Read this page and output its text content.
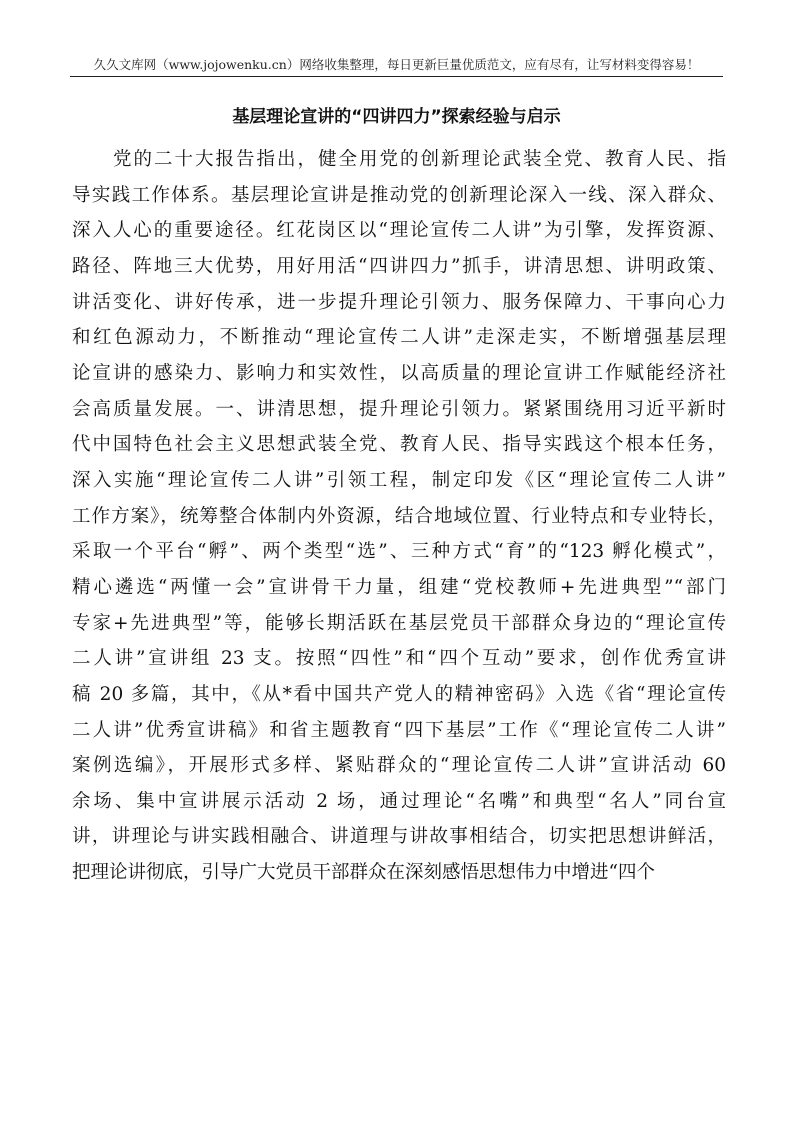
久久文库网（www.jojowenku.cn）网络收集整理，每日更新巨量优质范文，应有尽有，让写材料变得容易！
基层理论宣讲的“四讲四力”探索经验与启示
党的二十大报告指出，健全用党的创新理论武装全党、教育人民、指
导实践工作体系。基层理论宣讲是推动党的创新理论深入一线、深入群众、
深入人心的重要途径。红花岗区以“理论宣传二人讲”为引擎，发挥资源、
路径、阵地三大优势，用好用活“四讲四力”抓手，讲清思想、讲明政策、
讲活变化、讲好传承，进一步提升理论引领力、服务保障力、干事向心力
和红色源动力，不断推动“理论宣传二人讲”走深走实，不断增强基层理
论宣讲的感染力、影响力和实效性，以高质量的理论宣讲工作赋能经济社
会高质量发展。一、讲清思想，提升理论引领力。紧紧围绕用习近平新时
代中国特色社会主义思想武装全党、教育人民、指导实践这个根本任务，
深入实施“理论宣传二人讲”引领工程，制定印发《区“理论宣传二人讲”
工作方案》，统筹整合体制内外资源，结合地域位置、行业特点和专业特长，
采取一个平台“孵”、两个类型“选”、三种方式“育”的“123 孵化模式”，
精心遴选“两懂一会”宣讲骨干力量，组建“党校教师+先进典型”“部门
专家+先进典型”等，能够长期活跃在基层党员干部群众身边的“理论宣传
二人讲”宣讲组 23 支。按照“四性”和“四个互动”要求，创作优秀宣讲
稿 20 多篇，其中，《从*看中国共产党人的精神密码》入选《省“理论宣传
二人讲”优秀宣讲稿》和省主题教育“四下基层”工作《“理论宣传二人讲”
案例选编》，开展形式多样、紧贴群众的“理论宣传二人讲”宣讲活动 60
余场、集中宣讲展示活动 2 场，通过理论“名嘴”和典型“名人”同台宣
讲，讲理论与讲实践相融合、讲道理与讲故事相结合，切实把思想讲鲜活，
把理论讲彻底，引导广大党员干部群众在深刻感悟思想伟力中增进“四个
